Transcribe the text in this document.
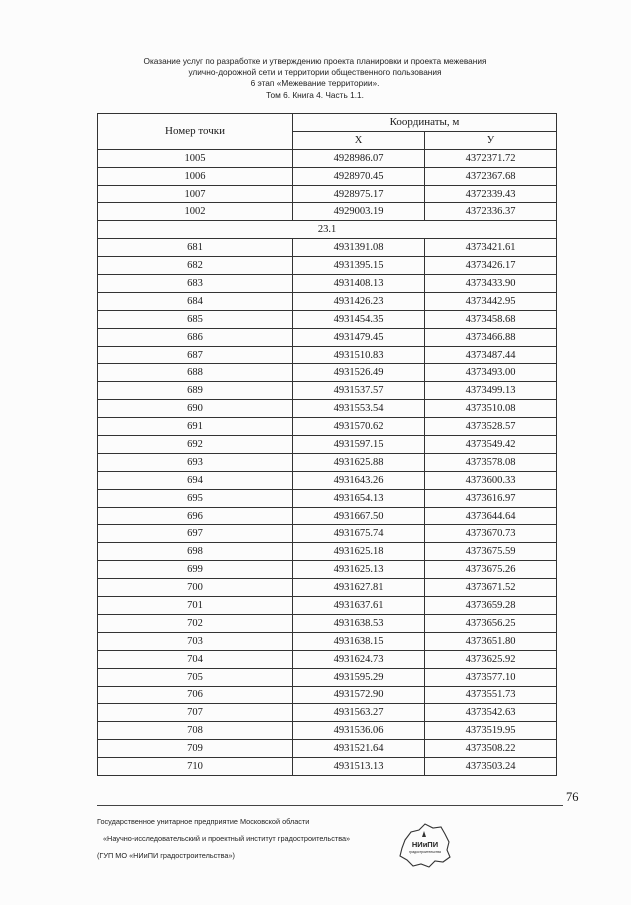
Оказание услуг по разработке и утверждению проекта планировки и проекта межевания
улично-дорожной сети и территории общественного пользования
6 этап «Межевание территории».
Том 6. Книга 4. Часть 1.1.
Номер точки	Координаты, м	
	X	У
1005	4928986.07	4372371.72
1006	4928970.45	4372367.68
1007	4928975.17	4372339.43
1002	4929003.19	4372336.37
23.1		
681	4931391.08	4373421.61
682	4931395.15	4373426.17
683	4931408.13	4373433.90
684	4931426.23	4373442.95
685	4931454.35	4373458.68
686	4931479.45	4373466.88
687	4931510.83	4373487.44
688	4931526.49	4373493.00
689	4931537.57	4373499.13
690	4931553.54	4373510.08
691	4931570.62	4373528.57
692	4931597.15	4373549.42
693	4931625.88	4373578.08
694	4931643.26	4373600.33
695	4931654.13	4373616.97
696	4931667.50	4373644.64
697	4931675.74	4373670.73
698	4931625.18	4373675.59
699	4931625.13	4373675.26
700	4931627.81	4373671.52
701	4931637.61	4373659.28
702	4931638.53	4373656.25
703	4931638.15	4373651.80
704	4931624.73	4373625.92
705	4931595.29	4373577.10
706	4931572.90	4373551.73
707	4931563.27	4373542.63
708	4931536.06	4373519.95
709	4931521.64	4373508.22
710	4931513.13	4373503.24
76
Государственное унитарное предприятие Московской области
«Научно-исследовательский и проектный институт градостроительства»
(ГУП МО «НИиПИ градостроительства»)
НИиПИ
градостроительства
